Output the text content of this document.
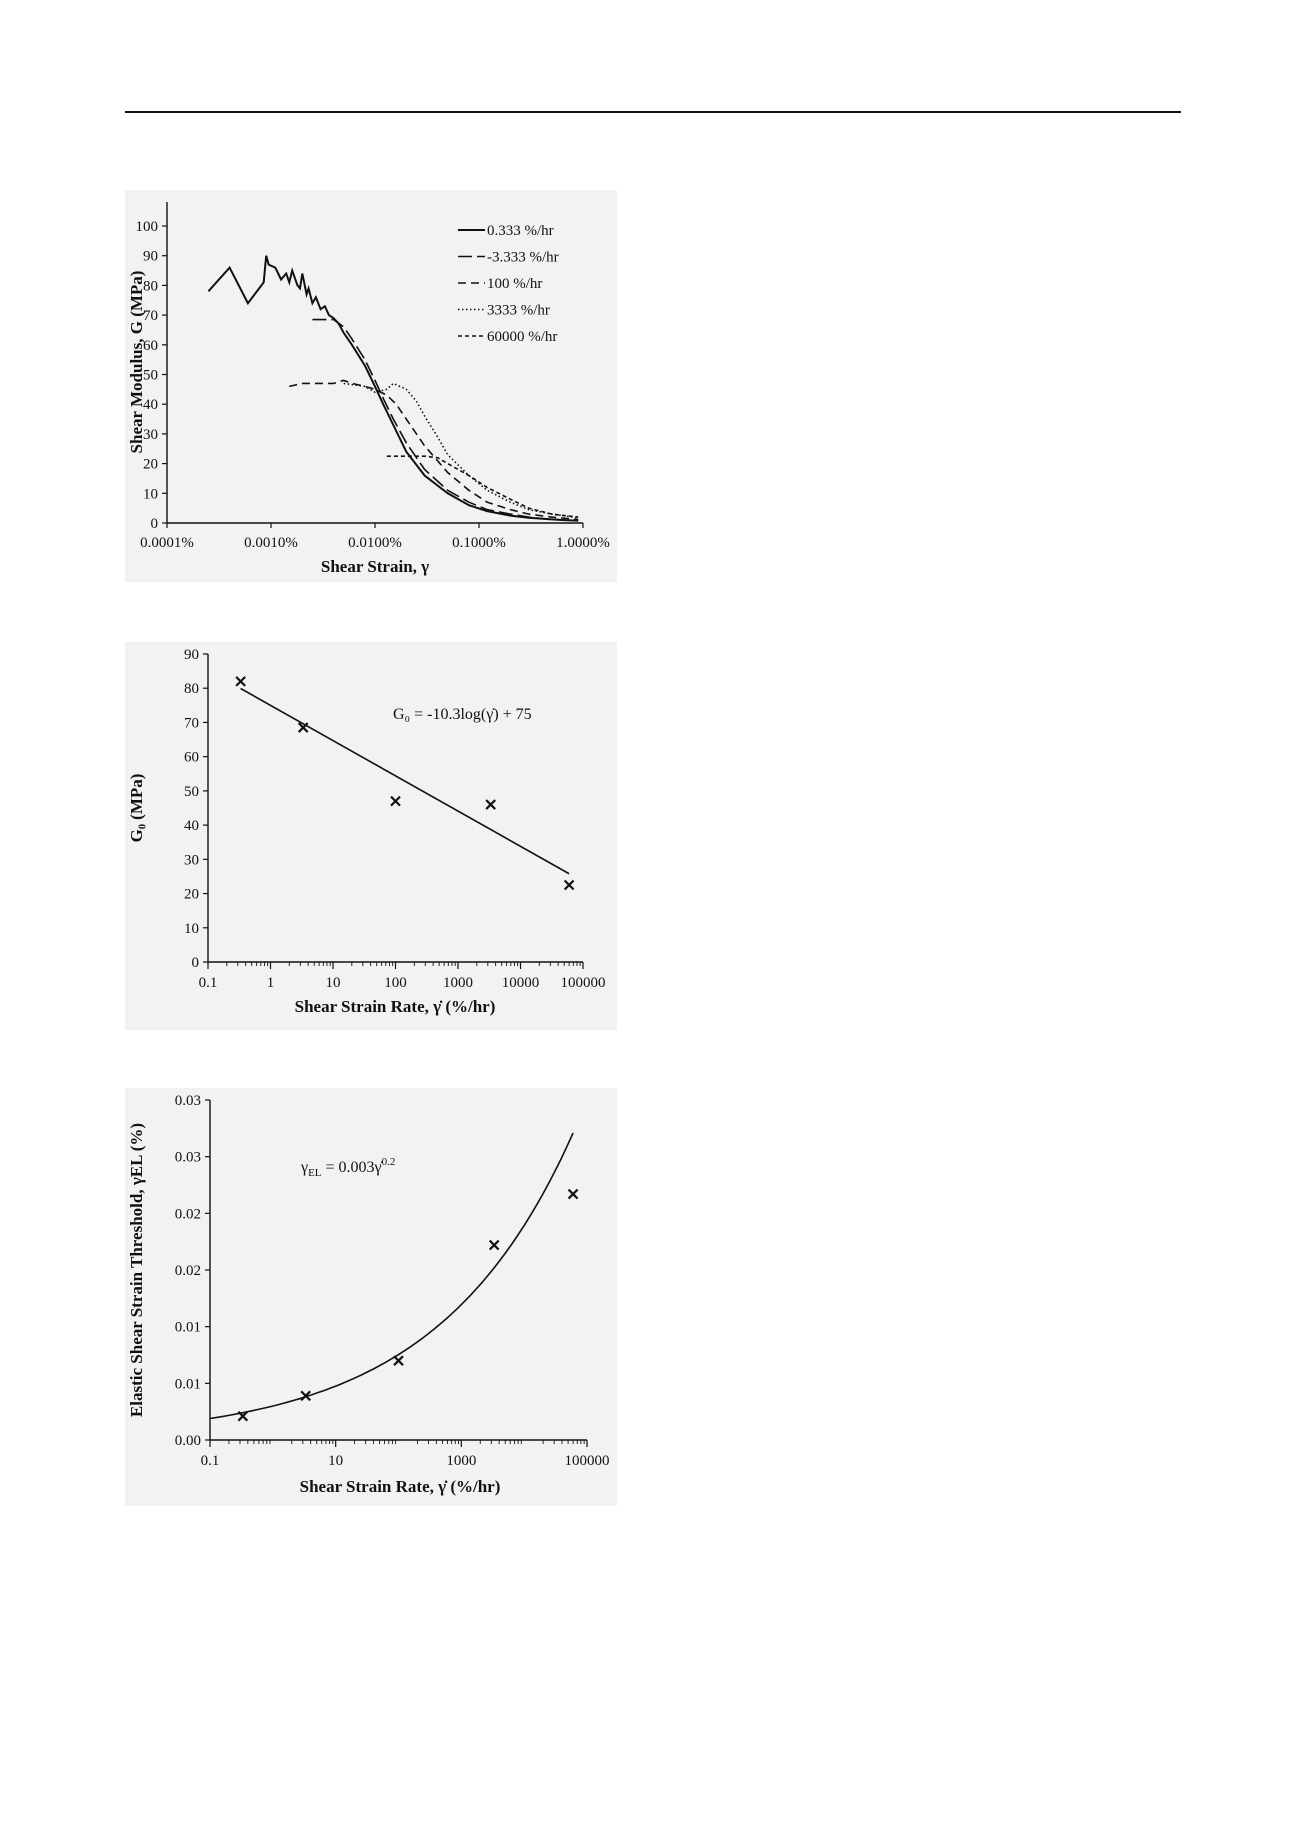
0
10
20
30
40
50
60
70
80
90
100
0.0001%	0.0010%	0.0100%	0.1000%	1.0000%
0.333 %/hr
-3.333 %/hr
100 %/hr
3333 %/hr
60000 %/hr
Shear Strain, γ
Shear Modulus, G (MPa)
0
10
20
30
40
50
60
70
80
90
0.1	1	10	100 1000 10000 100000
G₀ = -10.3log(γ̇) + 75
Shear Strain Rate, γ̇ (%/hr)
G₀ (MPa)
0.00
0.01
0.01
0.02
0.02
0.03
0.03
0.1	10	1000	100000
$\gamma_{EL}$ = 0.003γ̇$^{0.2}$
Shear Strain Rate, γ̇ (%/hr)
Elastic Shear Strain Threshold, γEL (%)
